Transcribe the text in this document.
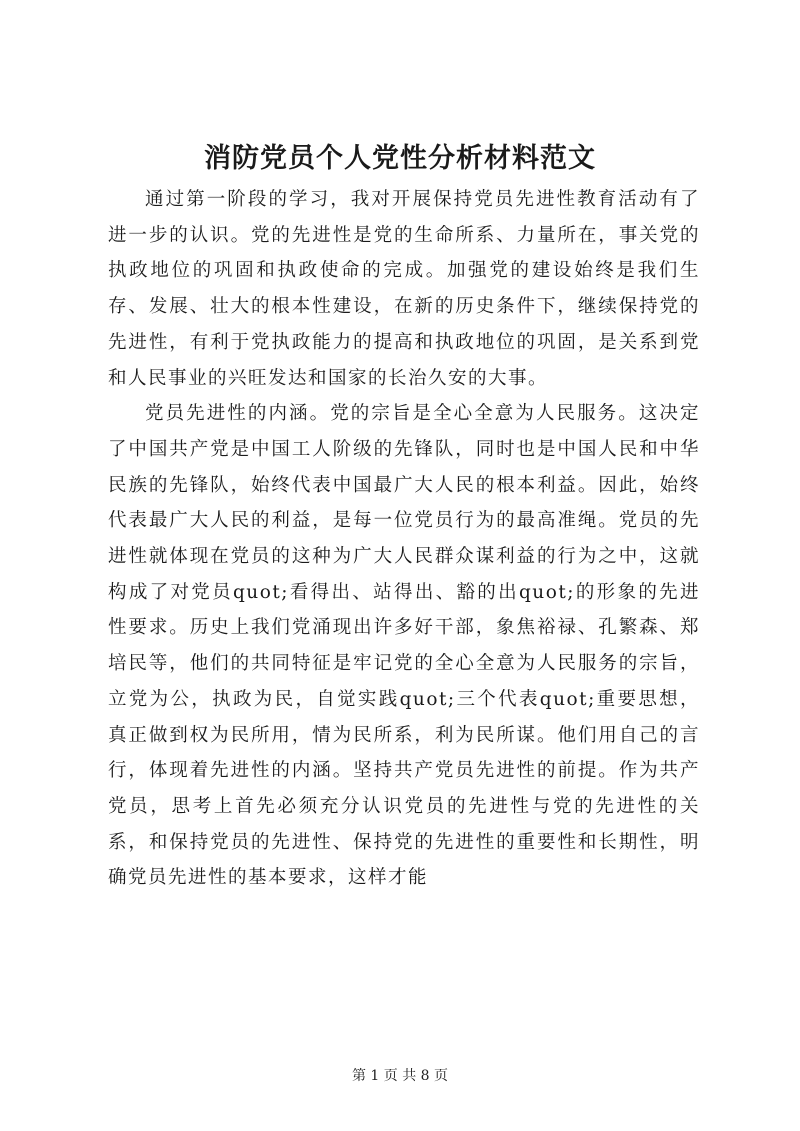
消防党员个人党性分析材料范文

通过第一阶段的学习，我对开展保持党员先进性教育活动有了进一步的认识。党的先进性是党的生命所系、力量所在，事关党的执政地位的巩固和执政使命的完成。加强党的建设始终是我们生存、发展、壮大的根本性建设，在新的历史条件下，继续保持党的先进性，有利于党执政能力的提高和执政地位的巩固，是关系到党和人民事业的兴旺发达和国家的长治久安的大事。

党员先进性的内涵。党的宗旨是全心全意为人民服务。这决定了中国共产党是中国工人阶级的先锋队，同时也是中国人民和中华民族的先锋队，始终代表中国最广大人民的根本利益。因此，始终代表最广大人民的利益，是每一位党员行为的最高准绳。党员的先进性就体现在党员的这种为广大人民群众谋利益的行为之中，这就构成了对党员quot;看得出、站得出、豁的出quot;的形象的先进性要求。历史上我们党涌现出许多好干部，象焦裕禄、孔繁森、郑培民等，他们的共同特征是牢记党的全心全意为人民服务的宗旨，立党为公，执政为民，自觉实践quot;三个代表quot;重要思想，真正做到权为民所用，情为民所系，利为民所谋。他们用自己的言行，体现着先进性的内涵。坚持共产党员先进性的前提。作为共产党员，思考上首先必须充分认识党员的先进性与党的先进性的关系，和保持党员的先进性、保持党的先进性的重要性和长期性，明确党员先进性的基本要求，这样才能

第 1 页 共 8 页
